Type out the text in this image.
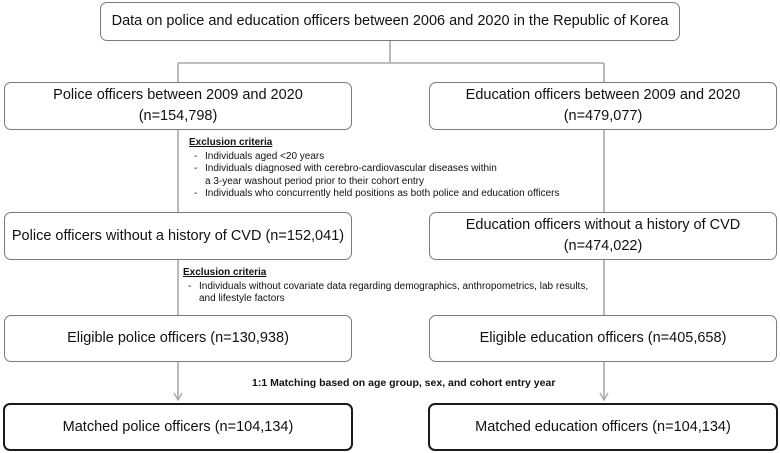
Data on police and education officers between 2006 and 2020 in the Republic of Korea
Police officers between 2009 and 2020
(n=154,798)
Education officers between 2009 and 2020
(n=479,077)
Exclusion criteria
- Individuals aged <20 years
- Individuals diagnosed with cerebro-cardiovascular diseases within a 3-year washout period prior to their cohort entry
- Individuals who concurrently held positions as both police and education officers
Police officers without a history of CVD (n=152,041)
Education officers without a history of CVD
(n=474,022)
Exclusion criteria
- Individuals without covariate data regarding demographics, anthropometrics, lab results, and lifestyle factors
Eligible police officers (n=130,938)	Eligible education officers (n=405,658)
1:1 Matching based on age group, sex, and cohort entry year
Matched police officers (n=104,134)	Matched education officers (n=104,134)
